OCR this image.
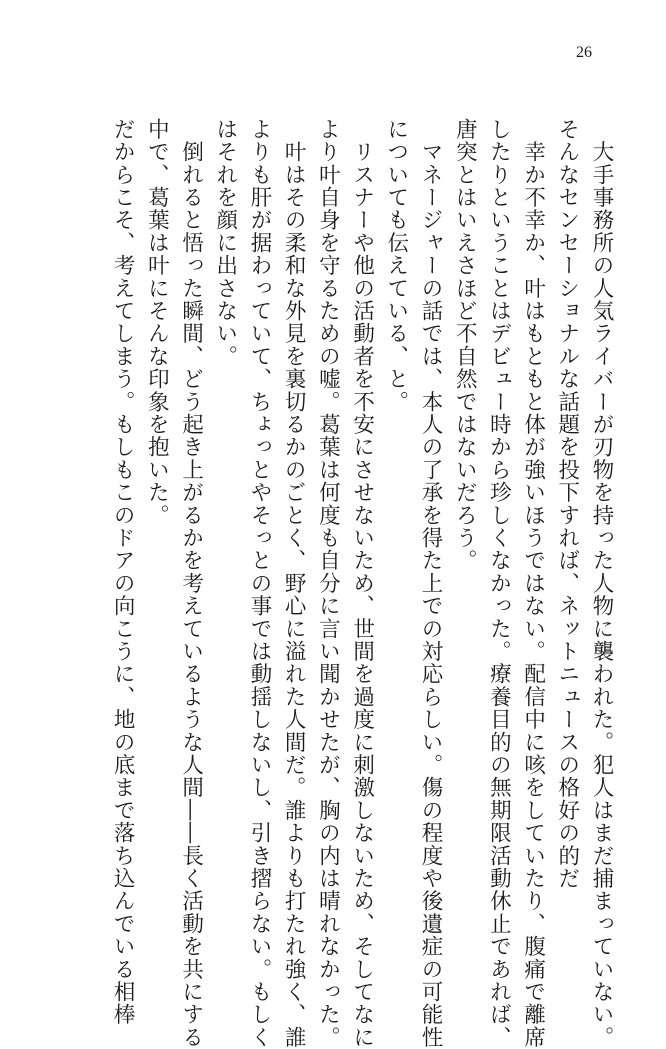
26
　大手事務所の人気ライバーが刃物を持った人物に襲われた。犯人はまだ捕まっていない。
そんなセンセーショナルな話題を投下すれば、ネットニュースの格好の的だ
　幸か不幸か、叶はもともと体が強いほうではない。配信中に咳をしていたり、腹痛で離席
したりということはデビュー時から珍しくなかった。療養目的の無期限活動休止であれば、
唐突とはいえさほど不自然ではないだろう。
　マネージャーの話では、本人の了承を得た上での対応らしい。傷の程度や後遺症の可能性
についても伝えている、と。
　リスナーや他の活動者を不安にさせないため、世間を過度に刺激しないため、そしてなに
より叶自身を守るための嘘。葛葉は何度も自分に言い聞かせたが、胸の内は晴れなかった。
　叶はその柔和な外見を裏切るかのごとく、野心に溢れた人間だ。誰よりも打たれ強く、誰
よりも肝が据わっていて、ちょっとやそっとの事では動揺しないし、引き摺らない。もしく
はそれを顔に出さない。
　倒れると悟った瞬間、どう起き上がるかを考えているような人間――長く活動を共にする
中で、葛葉は叶にそんな印象を抱いた。
だからこそ、考えてしまう。もしもこのドアの向こうに、地の底まで落ち込んでいる相棒
